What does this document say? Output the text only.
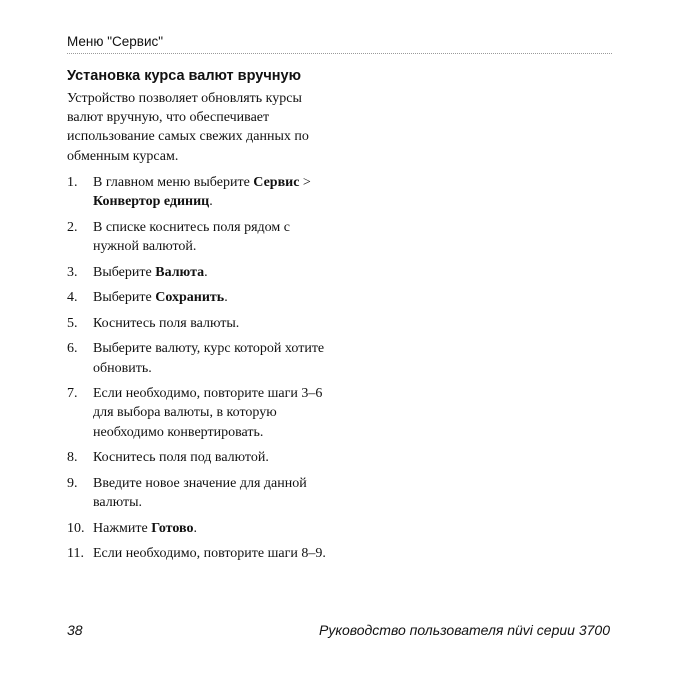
Меню "Сервис"
Установка курса валют вручную

Устройство позволяет обновлять курсы валют вручную, что обеспечивает использование самых свежих данных по обменным курсам.

1.	В главном меню выберите Сервис > Конвертор единиц.
2.	В списке коснитесь поля рядом с нужной валютой.
3.	Выберите Валюта.
4.	Выберите Сохранить.
5.	Коснитесь поля валюты.
6.	Выберите валюту, курс которой хотите обновить.
7.	Если необходимо, повторите шаги 3–6 для выбора валюты, в которую необходимо конвертировать.
8.	Коснитесь поля под валютой.
9.	Введите новое значение для данной валюты.
10. Нажмите Готово.
11. Если необходимо, повторите шаги 8–9.
38	Руководство пользователя nüvi серии 3700
